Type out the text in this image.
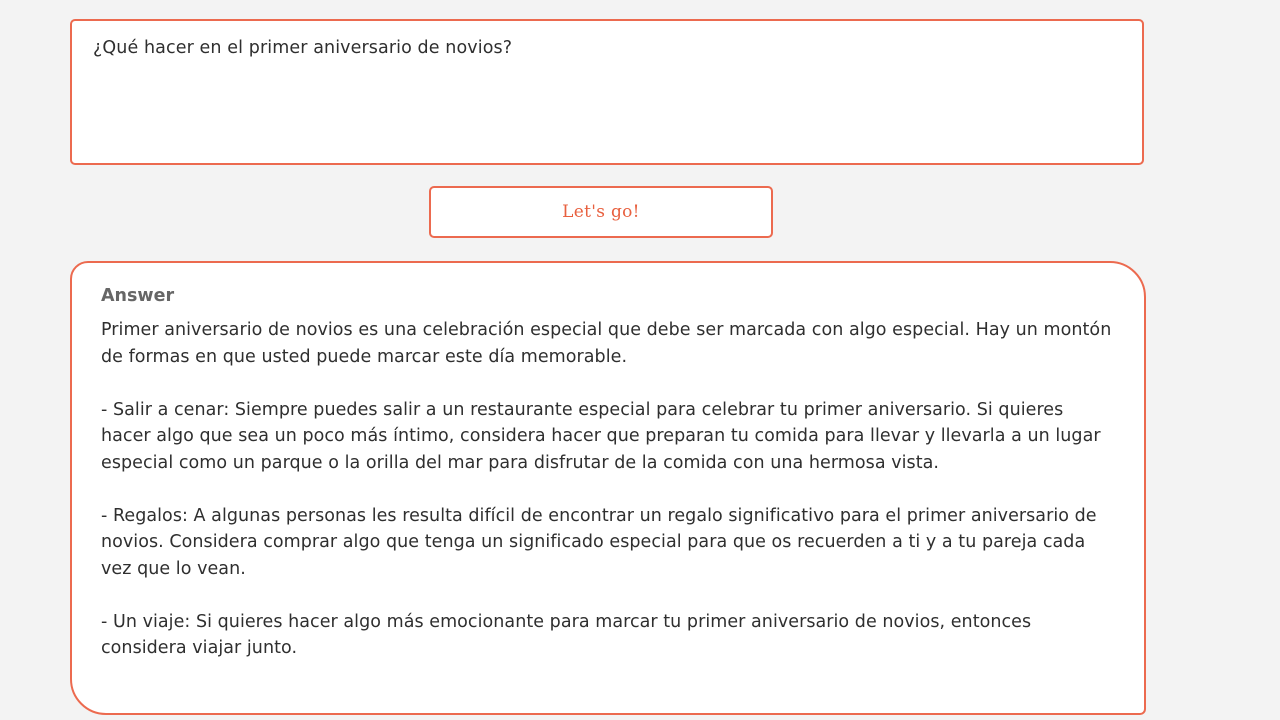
¿Qué hacer en el primer aniversario de novios?
Let's go!
Answer

Primer aniversario de novios es una celebración especial que debe ser marcada con algo especial. Hay un montón de formas en que usted puede marcar este día memorable.

- Salir a cenar: Siempre puedes salir a un restaurante especial para celebrar tu primer aniversario. Si quieres hacer algo que sea un poco más íntimo, considera hacer que preparan tu comida para llevar y llevarla a un lugar especial como un parque o la orilla del mar para disfrutar de la comida con una hermosa vista.

- Regalos: A algunas personas les resulta difícil de encontrar un regalo significativo para el primer aniversario de novios. Considera comprar algo que tenga un significado especial para que os recuerden a ti y a tu pareja cada vez que lo vean.

- Un viaje: Si quieres hacer algo más emocionante para marcar tu primer aniversario de novios, entonces considera viajar junto.
